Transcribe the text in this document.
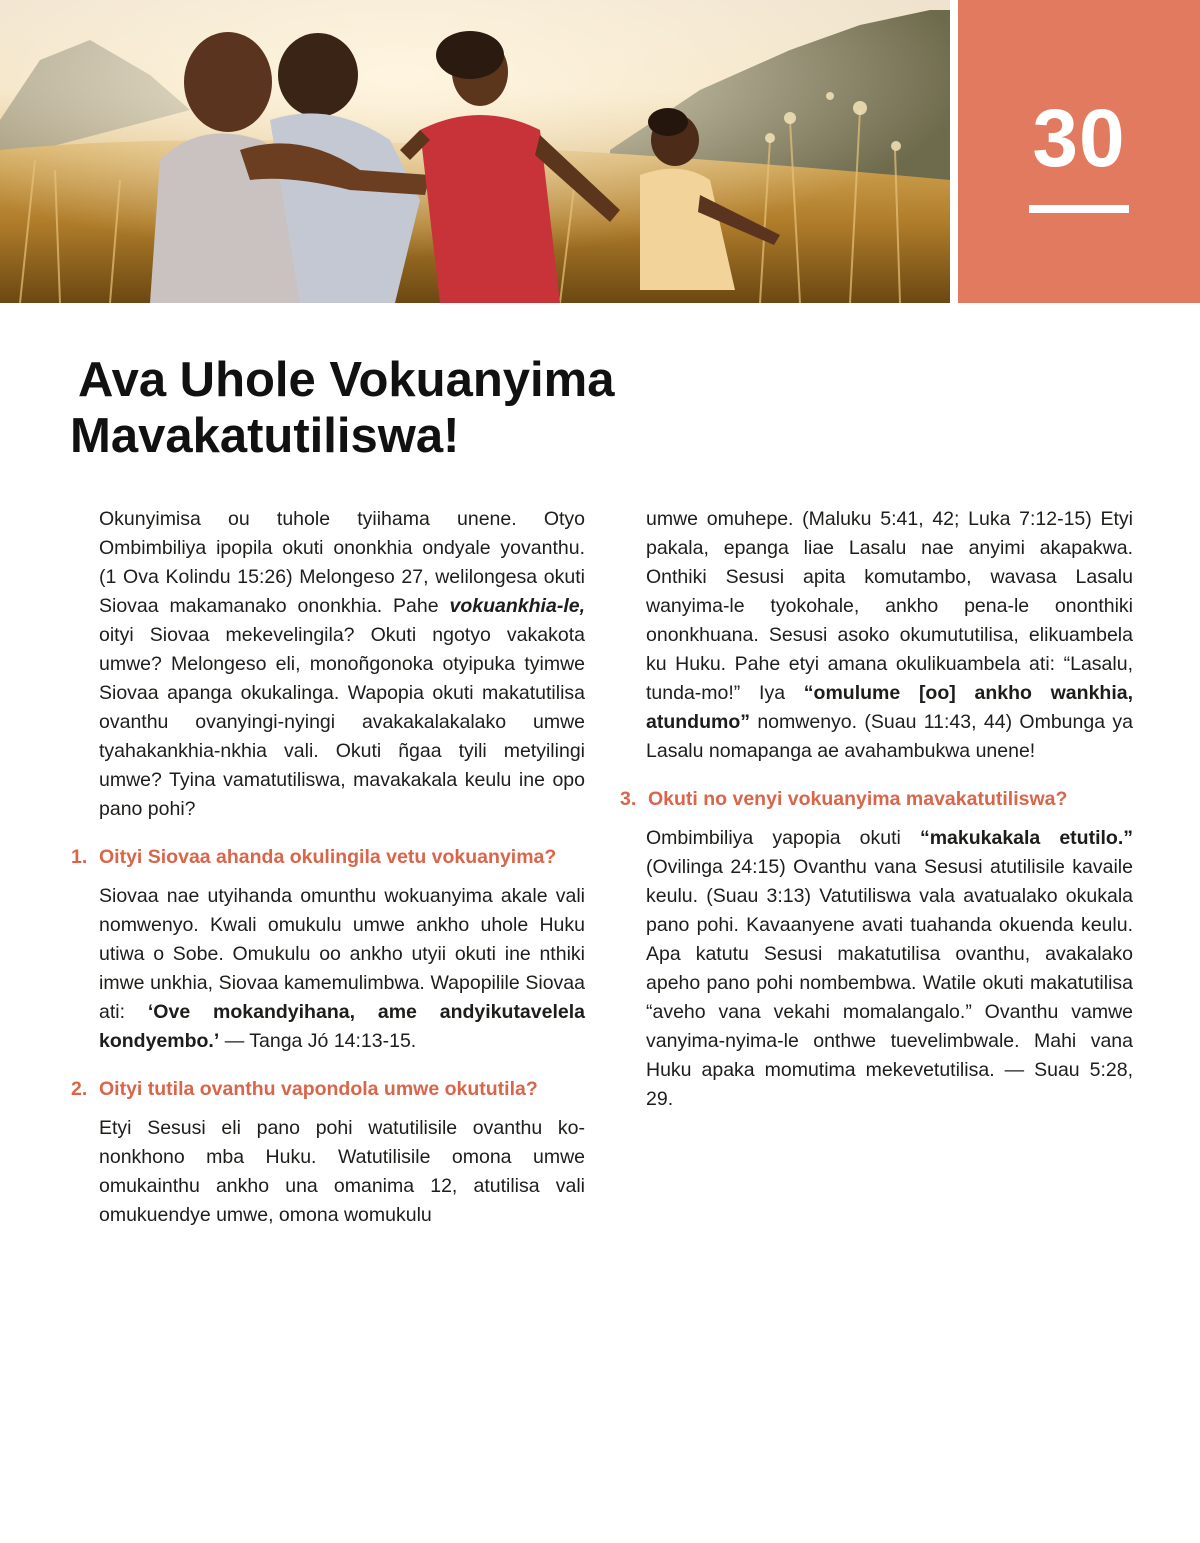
30
Ava Uhole Vokuanyima
Mavakatutiliswa!

Okunyimisa ou tuhole tyiihama unene. Otyo Ombimbiliya ipopila okuti ononkhia ondyale yovanthu. (1 Ova Kolindu 15:26) Melongeso 27, welilongesa okuti Siovaa makamanako ononkhia. Pahe vokuankhia-le, oityi Siovaa mekevelingila? Okuti ngotyo vakakota umwe? Melongeso eli, monoñgonoka otyipuka tyimwe Siovaa apanga okukalinga. Wapopia okuti makatutilisa ovanthu ovanyingi-nyingi avakakalakalako umwe tyahakankhia-nkhia vali. Okuti ñgaa tyili metyilingi umwe? Tyina vamatutiliswa, mavakakala keulu ine opo pano pohi?

1. Oityi Siovaa ahanda okulingila vetu vokuanyima?

Siovaa nae utyihanda omunthu wokuanyima akale vali nomwenyo. Kwali omukulu umwe ankho uhole Huku utiwa o Sobe. Omukulu oo ankho utyii okuti ine nthiki imwe unkhia, Siovaa kamemulimbwa. Wapopilile Siovaa ati: ‘Ove mokandyihana, ame andyikutavelela kondyembo.’ — Tanga Jó 14:13-15.

2. Oityi tutila ovanthu vapondola umwe okututila?

Etyi Sesusi eli pano pohi watutilisile ovanthu kononkhono mba Huku. Watutilisile omona umwe omukainthu ankho una omanima 12, atutilisa vali omukuendye umwe, omona womukulu

umwe omuhepe. (Maluku 5:41, 42; Luka 7:12-15) Etyi pakala, epanga liae Lasalu nae anyimi akapakwa. Onthiki Sesusi apita komutambo, wavasa Lasalu wanyima-le tyokohale, ankho pena-le ononthiki ononkhuana. Sesusi asoko okumututilisa, elikuambela ku Huku. Pahe etyi amana okulikuambela ati: “Lasalu, tunda-mo!” Iya “omulume [oo] ankho wankhia, atundumo” nomwenyo. (Suau 11:43, 44) Ombunga ya Lasalu nomapanga ae avahambukwa unene!

3. Okuti no venyi vokuanyima mavakatutiliswa?

Ombimbiliya yapopia okuti “makukakala etutilo.” (Ovilinga 24:15) Ovanthu vana Sesusi atutilisile kavaile keulu. (Suau 3:13) Vatutiliswa vala avatualako okukala pano pohi. Kavaanyene avati tuahanda okuenda keulu. Apa katutu Sesusi makatutilisa ovanthu, avakalako apeho pano pohi nombembwa. Watile okuti makatutilisa “aveho vana vekahi momalangalo.” Ovanthu vamwe vanyima-nyima-le onthwe tuevelimbwale. Mahi vana Huku apaka momutima mekevetutilisa. — Suau 5:28, 29.
